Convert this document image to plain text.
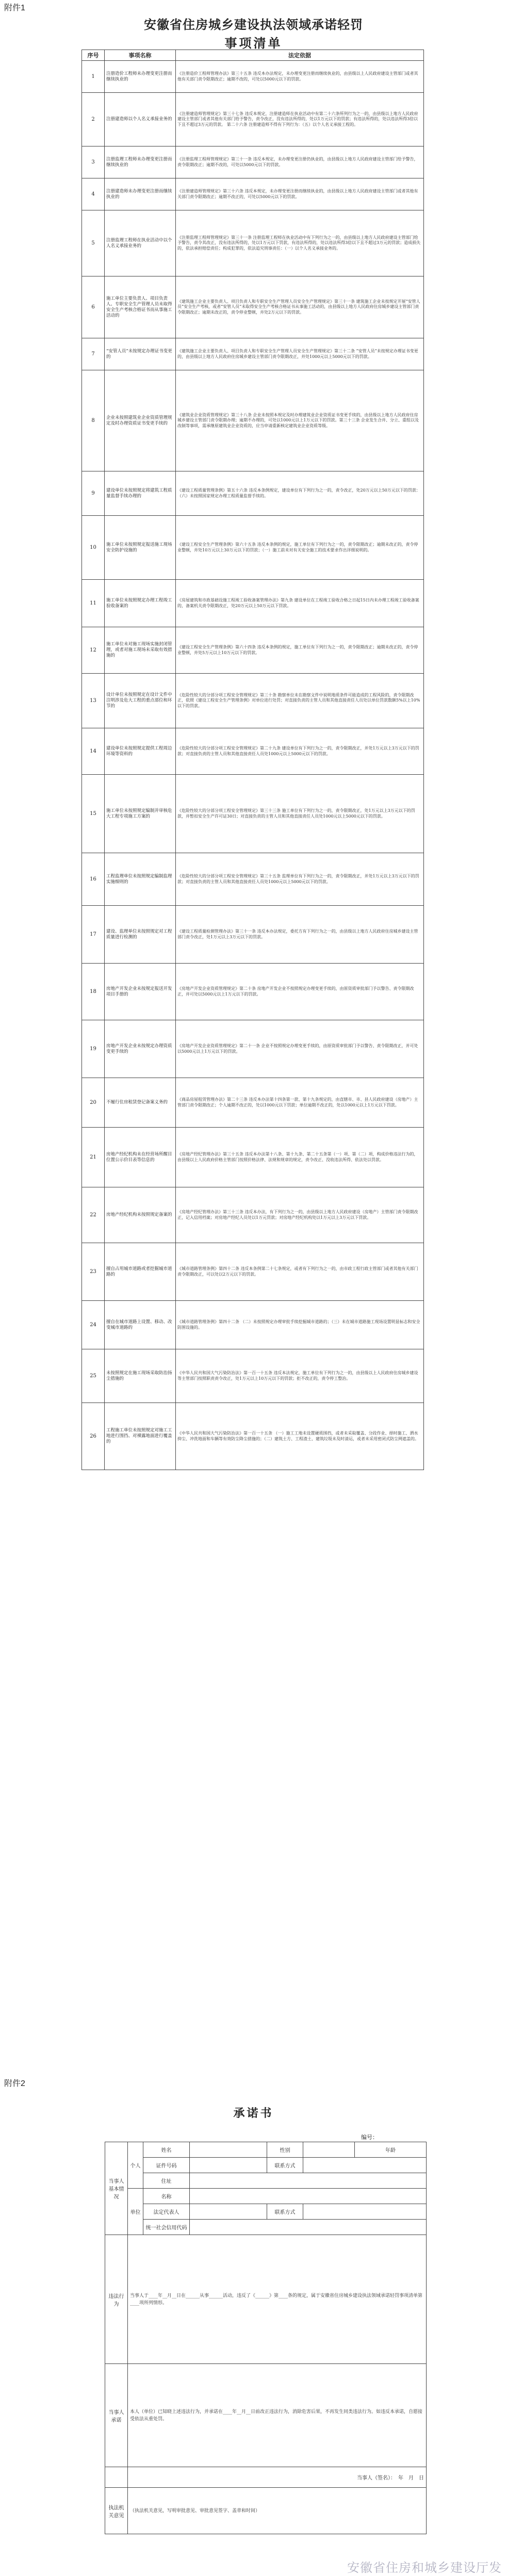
附件1
安徽省住房城乡建设执法领域承诺轻罚
事项清单
序号	事项名称	法定依据
1	注册造价工程师未办理变更注册而继续执业的	《注册造价工程师管理办法》第三十五条 违反本办法规定，未办理变更注册而继续执业的，由县级以上人民政府建设主管部门或者其他有关部门责令限期改正；逾期不改的，可处以5000元以下的罚款。
2	注册建造师以个人名义承接业务的	《注册建造师管理规定》第三十七条 违反本规定，注册建造师在执业活动中有第二十六条所列行为之一的，由县级以上地方人民政府建设主管部门或者其他有关部门给予警告，责令改正，没有违法所得的，处以1万元以下的罚款；有违法所得的，处以违法所得3倍以下且不超过3万元的罚款。 第二十六条 注册建造师不得有下列行为：（五）以个人名义承接工程的。
3	注册监理工程师未办理变更注册而继续执业的	《注册监理工程师管理规定》第三十一条 违反本规定，未办理变更注册仍执业的，由县级以上地方人民政府建设主管部门给予警告，责令限期改正；逾期不改的，可处以5000元以下的罚款。
4	注册建造师未办理变更注册而继续执业的	《注册建造师管理规定》第三十六条 违反本规定，未办理变更注册而继续执业的，由县级以上地方人民政府建设主管部门或者其他有关部门责令限期改正；逾期不改正的，可处以5000元以下的罚款。
5	注册监理工程师在执业活动中以个人名义承接业务的	《注册监理工程师管理规定》第三十一条 注册监理工程师在执业活动中有下列行为之一的，由县级以上地方人民政府建设主管部门给予警告，责令其改正，没有违法所得的，处以1万元以下罚款，有违法所得的，处以违法所得3倍以下且不超过3万元的罚款；造成损失的，依法承担赔偿责任；构成犯罪的，依法追究刑事责任：（一）以个人名义承接业务的。
6	施工单位主要负责人、项目负责人、专职安全生产管理人员未取得安全生产考核合格证书而从事施工活动的	《建筑施工企业主要负责人、项目负责人和专职安全生产管理人员安全生产管理规定》第三十一条 建筑施工企业未按规定开展“安管人员”安全生产考核，或者“安管人员”未取得安全生产考核合格证书从事施工活动的，由县级以上地方人民政府住房城乡建设主管部门责令限期改正；逾期未改正的，责令停业整顿，并处2万元以下的罚款。
7	“安管人员”未按规定办理证书变更的	《建筑施工企业主要负责人、项目负责人和专职安全生产管理人员安全生产管理规定》第三十二条 “安管人员”未按规定办理证书变更的，由县级以上地方人民政府住房城乡建设主管部门责令限期改正，并处1000元以上5000元以下的罚款。
8	企业未按照建筑业企业资质管理规定及时办理资质证书变更手续的	《建筑业企业资质管理规定》第三十八条 企业未按照本规定及时办理建筑业企业资质证书变更手续的，由县级以上地方人民政府住房城乡建设主管部门责令限期办理；逾期不办理的，可处以1000元以上1万元以下的罚款。第三十三条 企业发生合并、分立、重组以及改制等事项，需承继原建筑业企业资质的，应当申请重新核定建筑业企业资质等级。
9	建设单位未按照规定将建筑工程质量监督手续办理的	《建设工程质量管理条例》第五十六条 违反本条例规定，建设单位有下列行为之一的，责令改正，处20万元以上50万元以下的罚款：（六）未按照国家规定办理工程质量监督手续的。
10	施工单位未按照规定报送施工现场安全防护设施的	《建设工程安全生产管理条例》第六十五条 违反本条例的规定，施工单位有下列行为之一的，责令限期改正；逾期未改正的，责令停业整顿，并处10万元以上30万元以下的罚款；（一）施工前未对有关安全施工的技术要求作出详细说明的。
11	施工单位未按照规定办理工程竣工验收备案的	《房屋建筑和市政基础设施工程竣工验收备案管理办法》第九条 建设单位在工程竣工验收合格之日起15日内未办理工程竣工验收备案的，备案机关责令限期改正，处20万元以上50万元以下罚款。
12	施工单位未对施工现场实施封闭管理，或者对施工现场未采取有效措施的	《建设工程安全生产管理条例》第六十四条 违反本条例的规定，施工单位有下列行为之一的，责令限期改正；逾期未改正的，责令停业整顿，并处5万元以上10万元以下的罚款。
13	设计单位未按照规定在设计文件中注明涉及危大工程的重点部位和环节的	《危险性较大的分部分项工程安全管理规定》第三十条 勘察单位未在勘察文件中说明地质条件可能造成的工程风险的，责令限期改正，依照《建设工程安全生产管理条例》对单位进行处罚；对直接负责的主管人员和其他直接责任人员处以单位罚款数额5%以上10%以下的罚款。
14	建设单位未按照规定提供工程周边环境等资料的	《危险性较大的分部分项工程安全管理规定》第二十九条 建设单位有下列行为之一的，责令限期改正，并处1万元以上3万元以下的罚款；对直接负责的主管人员和其他直接责任人员处1000元以上5000元以下的罚款。
15	施工单位未按照规定编制并审核危大工程专项施工方案的	《危险性较大的分部分项工程安全管理规定》第三十三条 施工单位有下列行为之一的，责令限期改正，处1万元以上3万元以下的罚款，并暂扣安全生产许可证30日；对直接负责的主管人员和其他直接责任人员处1000元以上5000元以下的罚款。
16	工程监理单位未按照规定编制监理实施细则的	《危险性较大的分部分项工程安全管理规定》第三十五条 监理单位有下列行为之一的，责令限期改正，并处1万元以上3万元以下的罚款；对直接负责的主管人员和其他直接责任人员处1000元以上5000元以下的罚款。
17	建设、监理单位未按照规定对工程质量进行检测的	《建设工程质量检测管理办法》第三十一条 违反本办法规定，委托方有下列行为之一的，由县级以上地方人民政府住房城乡建设主管部门责令改正，处1万元以上3万元以下的罚款。
18	房地产开发企业未按规定报送开发项目手册的	《房地产开发企业资质管理规定》第二十条 房地产开发企业不按照规定办理变更手续的，由原资质审批部门予以警告、责令限期改正，并可处以5000元以上1万元以下的罚款。
19	房地产开发企业未按规定办理资质变更手续的	《房地产开发企业资质管理规定》第二十一条 企业不按照规定办理变更手续的，由原资质审批部门予以警告、责令限期改正，并可处以5000元以上1万元以下的罚款。
20	不履行住房租赁登记备案义务的	《商品房屋租赁管理办法》第二十三条 违反本办法第十四条第一款、第十九条规定的，由直辖市、市、县人民政府建设（房地产）主管部门责令限期改正；个人逾期不改正的，处以1000元以下罚款；单位逾期不改正的，处以1000元以上1万元以下罚款。
21	房地产经纪机构未在经营场所醒目位置公示价目表等信息的	《房地产经纪管理办法》第三十五条 违反本办法第十八条、第十九条、第二十五条第（一）项、第（二）项，构成价格违法行为的，由县级以上人民政府价格主管部门按照价格法律、法规和规章的规定，责令改正、没收违法所得、依法处以罚款。
22	房地产经纪机构未按照规定备案的	《房地产经纪管理办法》第三十三条 违反本办法，有下列行为之一的，由县级以上地方人民政府建设（房地产）主管部门责令限期改正，记入信用档案；对房地产经纪人员处以1万元罚款；对房地产经纪机构处以1万元以上3万元以下罚款。
23	擅自占用城市道路或者挖掘城市道路的	《城市道路管理条例》第四十二条 违反本条例第二十七条规定，或者有下列行为之一的，由市政工程行政主管部门或者其他有关部门责令限期改正，可以处以2万元以下的罚款。
24	擅自在城市道路上设置、移动、改变城市道路的	《城市道路管理条例》第四十二条 （二）未按照规定办理审批手续挖掘城市道路的；（三）未在城市道路施工现场设置明显标志和安全防围设施的。
25	未按照规定在施工现场采取防治扬尘措施的	《中华人民共和国大气污染防治法》第一百一十五条 违反本法规定，施工单位有下列行为之一的，由县级以上人民政府住房城乡建设等主管部门按照职责责令改正，处1万元以上10万元以下的罚款；拒不改正的，责令停工整治。
26	工程施工单位未按照规定对施工工地进行围挡、对裸露地面进行覆盖的	《中华人民共和国大气污染防治法》第一百一十五条 （一）施工工地未设置硬质围挡，或者未采取覆盖、分段作业、择时施工、洒水抑尘、冲洗地面和车辆等有效防尘降尘措施的；（二）建筑土方、工程渣土、建筑垃圾未及时清运，或者未采用密闭式防尘网遮盖的。
附件2
承诺书
编号：
当事人基本情况	个人	姓名		性别		年龄
		证件号码		联系方式		
		住址				
	单位	名称				
		法定代表人		联系方式		
		统一社会信用代码				
违法行为	当事人于____年__月__日在______从事______活动，违反了《______》第____条的规定，属于安徽省住房城乡建设执法领域承诺轻罚事项清单第____项所列情形。					
当事人承诺	本人（单位）已知晓上述违法行为，并承诺在____年__月__日前改正违法行为，消除危害后果，不再发生同类违法行为。如违反本承诺，自愿接受依法从重处罚。					
	当事人（签名）：　 年　月　日					
执法机关意见	（执法机关意见，写明审批意见、审批意见签字、盖章和时间）					
安徽省住房和城乡建设厅发
